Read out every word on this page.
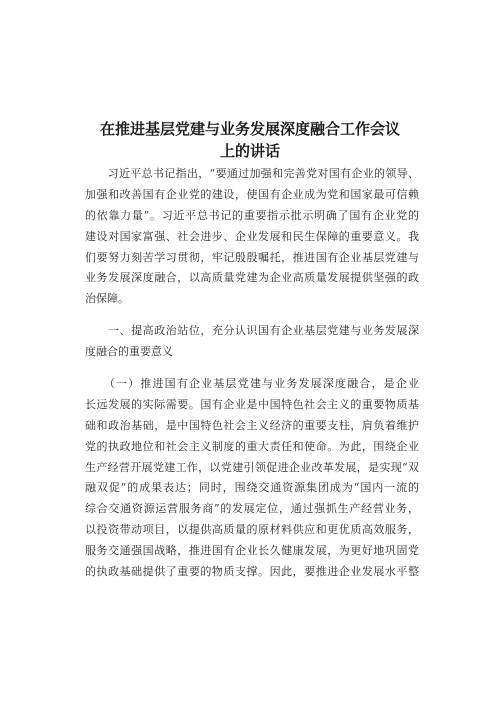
在推进基层党建与业务发展深度融合工作会议
上的讲话
　　习近平总书记指出，“要通过加强和完善党对国有企业的领导、
加强和改善国有企业党的建设，使国有企业成为党和国家最可信赖
的依靠力量”。习近平总书记的重要指示批示明确了国有企业党的
建设对国家富强、社会进步、企业发展和民生保障的重要意义。我
们要努力刻苦学习贯彻，牢记殷殷嘱托，推进国有企业基层党建与
业务发展深度融合，以高质量党建为企业高质量发展提供坚强的政
治保障。
　　一、提高政治站位，充分认识国有企业基层党建与业务发展深
度融合的重要意义
　　（一）推进国有企业基层党建与业务发展深度融合，是企业
长远发展的实际需要。国有企业是中国特色社会主义的重要物质基
础和政治基础，是中国特色社会主义经济的重要支柱，肩负着维护
党的执政地位和社会主义制度的重大责任和使命。为此，围绕企业
生产经营开展党建工作，以党建引领促进企业改革发展，是实现“双
融双促”的成果表达；同时，围绕交通资源集团成为“国内一流的
综合交通资源运营服务商”的发展定位，通过强抓生产经营业务，
以投资带动项目，以提供高质量的原材料供应和更优质高效服务，
服务交通强国战略，推进国有企业长久健康发展，为更好地巩固党
的执政基础提供了重要的物质支撑。因此，要推进企业发展水平整
